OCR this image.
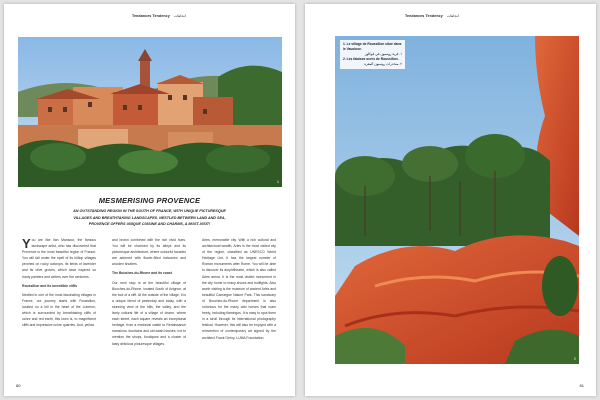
Tendances Tendency اتجاهات
1
MESMERISING PROVENCE
AN OUTSTANDING REGION IN THE SOUTH OF FRANCE, WITH UNIQUE PICTURESQUE
VILLAGES AND BREATHTAKING LANDSCAPES. NESTLED BETWEEN LAND AND SEA,
PROVENCE OFFERS UNIQUE CUISINE AND CHARMS, A MUST-VISIT!

You are like Ilan Mansour, the famous landscape artist, who has discovered that Provence is the most beautiful region of France. You will fall under the spell of its hilltop villages perched on rocky outcrops, its fields of lavender and its olive groves, which have inspired so many painters and writers over the centuries.

Roussillon and its incredible cliffs

Nestled in one of the most fascinating villages in France, our journey starts with Roussillon, located on a hill in the heart of the Luberon, which is surrounded by breathtaking cliffs of ochre and red earth, this town is, to magnificent cliffs and impressive ochre quarries. And, yellow

and brown combined with the rich vivid hues. You will be charmed by its alleys and its picturesque architecture, where colourful facades are adorned with flower-filled balconies and wooden shutters.

The Bouches-du-Rhone and its coast

Our next stop is at the beautiful village of Bouches-du-Rhone, located South of Avignon, at the foot of a cliff. At the outside of the village, it is a unique blend of yesterday and today, with a stunning view of the hills, the valley, and the lively cultural life of a village of charm, where each street, each square reveals an exceptional heritage, from a medieval castle to Renaissance mansions, fountains and old wash-houses, not to mention the shops, boutiques and a cluster of tasty delicious picturesque villages.

Arles, memorable city. With a rich cultural and architectural wealth, Arles is the most visited city of the region, classified as UNESCO World Heritage List. It has the largest number of Roman monuments after Rome. You will be able to discover its amphitheatre, which is also called Arles arena. It is the most visited monument in the city home to many shows and bullfights. Also worth visiting is the museum of ancient Arles and beautiful Camargue Nature Park. This sanctuary of Bouches-du-Rhone department is also notorious for the many wild horses that roam freely, including flamingos. It is easy to spot them in a stroll through its international photography festival. However, this will also be enjoyed with a reinvention of contemporary art signed by the architect Frank Gehry, LUMA Foundation.

80
Tendances Tendency اتجاهات
1. Le village de Roussillon situé dans le Vaucluse.
١. قرية روسيون في فوكلوز
2. Les falaises ocres de Roussillon.
٢. منحدرات روسيون المغرة
2
81
